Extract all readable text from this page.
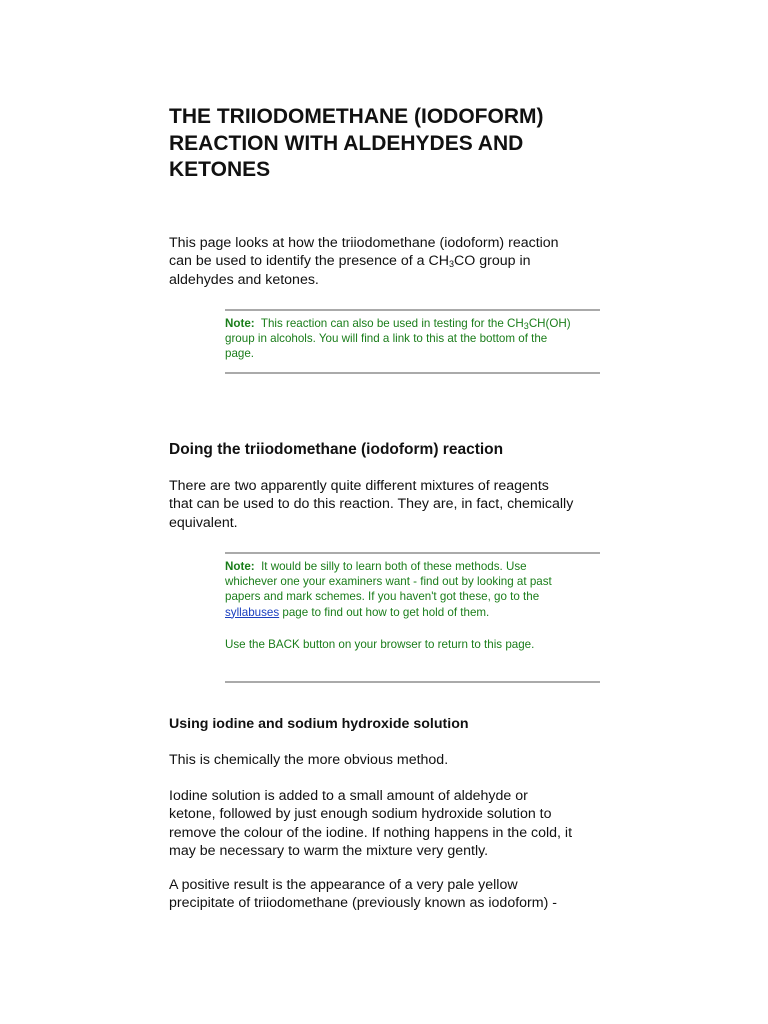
THE TRIIODOMETHANE (IODOFORM)
REACTION WITH ALDEHYDES AND
KETONES
This page looks at how the triiodomethane (iodoform) reaction
can be used to identify the presence of a $CH_3CO$ group in
aldehydes and ketones.
Note: This reaction can also be used in testing for the $CH_3CH(OH)$
group in alcohols. You will find a link to this at the bottom of the
page.
Doing the triiodomethane (iodoform) reaction
There are two apparently quite different mixtures of reagents
that can be used to do this reaction. They are, in fact, chemically
equivalent.
Note: It would be silly to learn both of these methods. Use
whichever one your examiners want - find out by looking at past
papers and mark schemes. If you haven't got these, go to the
syllabuses page to find out how to get hold of them.
Use the BACK button on your browser to return to this page.
Using iodine and sodium hydroxide solution
This is chemically the more obvious method.
Iodine solution is added to a small amount of aldehyde or
ketone, followed by just enough sodium hydroxide solution to
remove the colour of the iodine. If nothing happens in the cold, it
may be necessary to warm the mixture very gently.
A positive result is the appearance of a very pale yellow
precipitate of triiodomethane (previously known as iodoform) -
